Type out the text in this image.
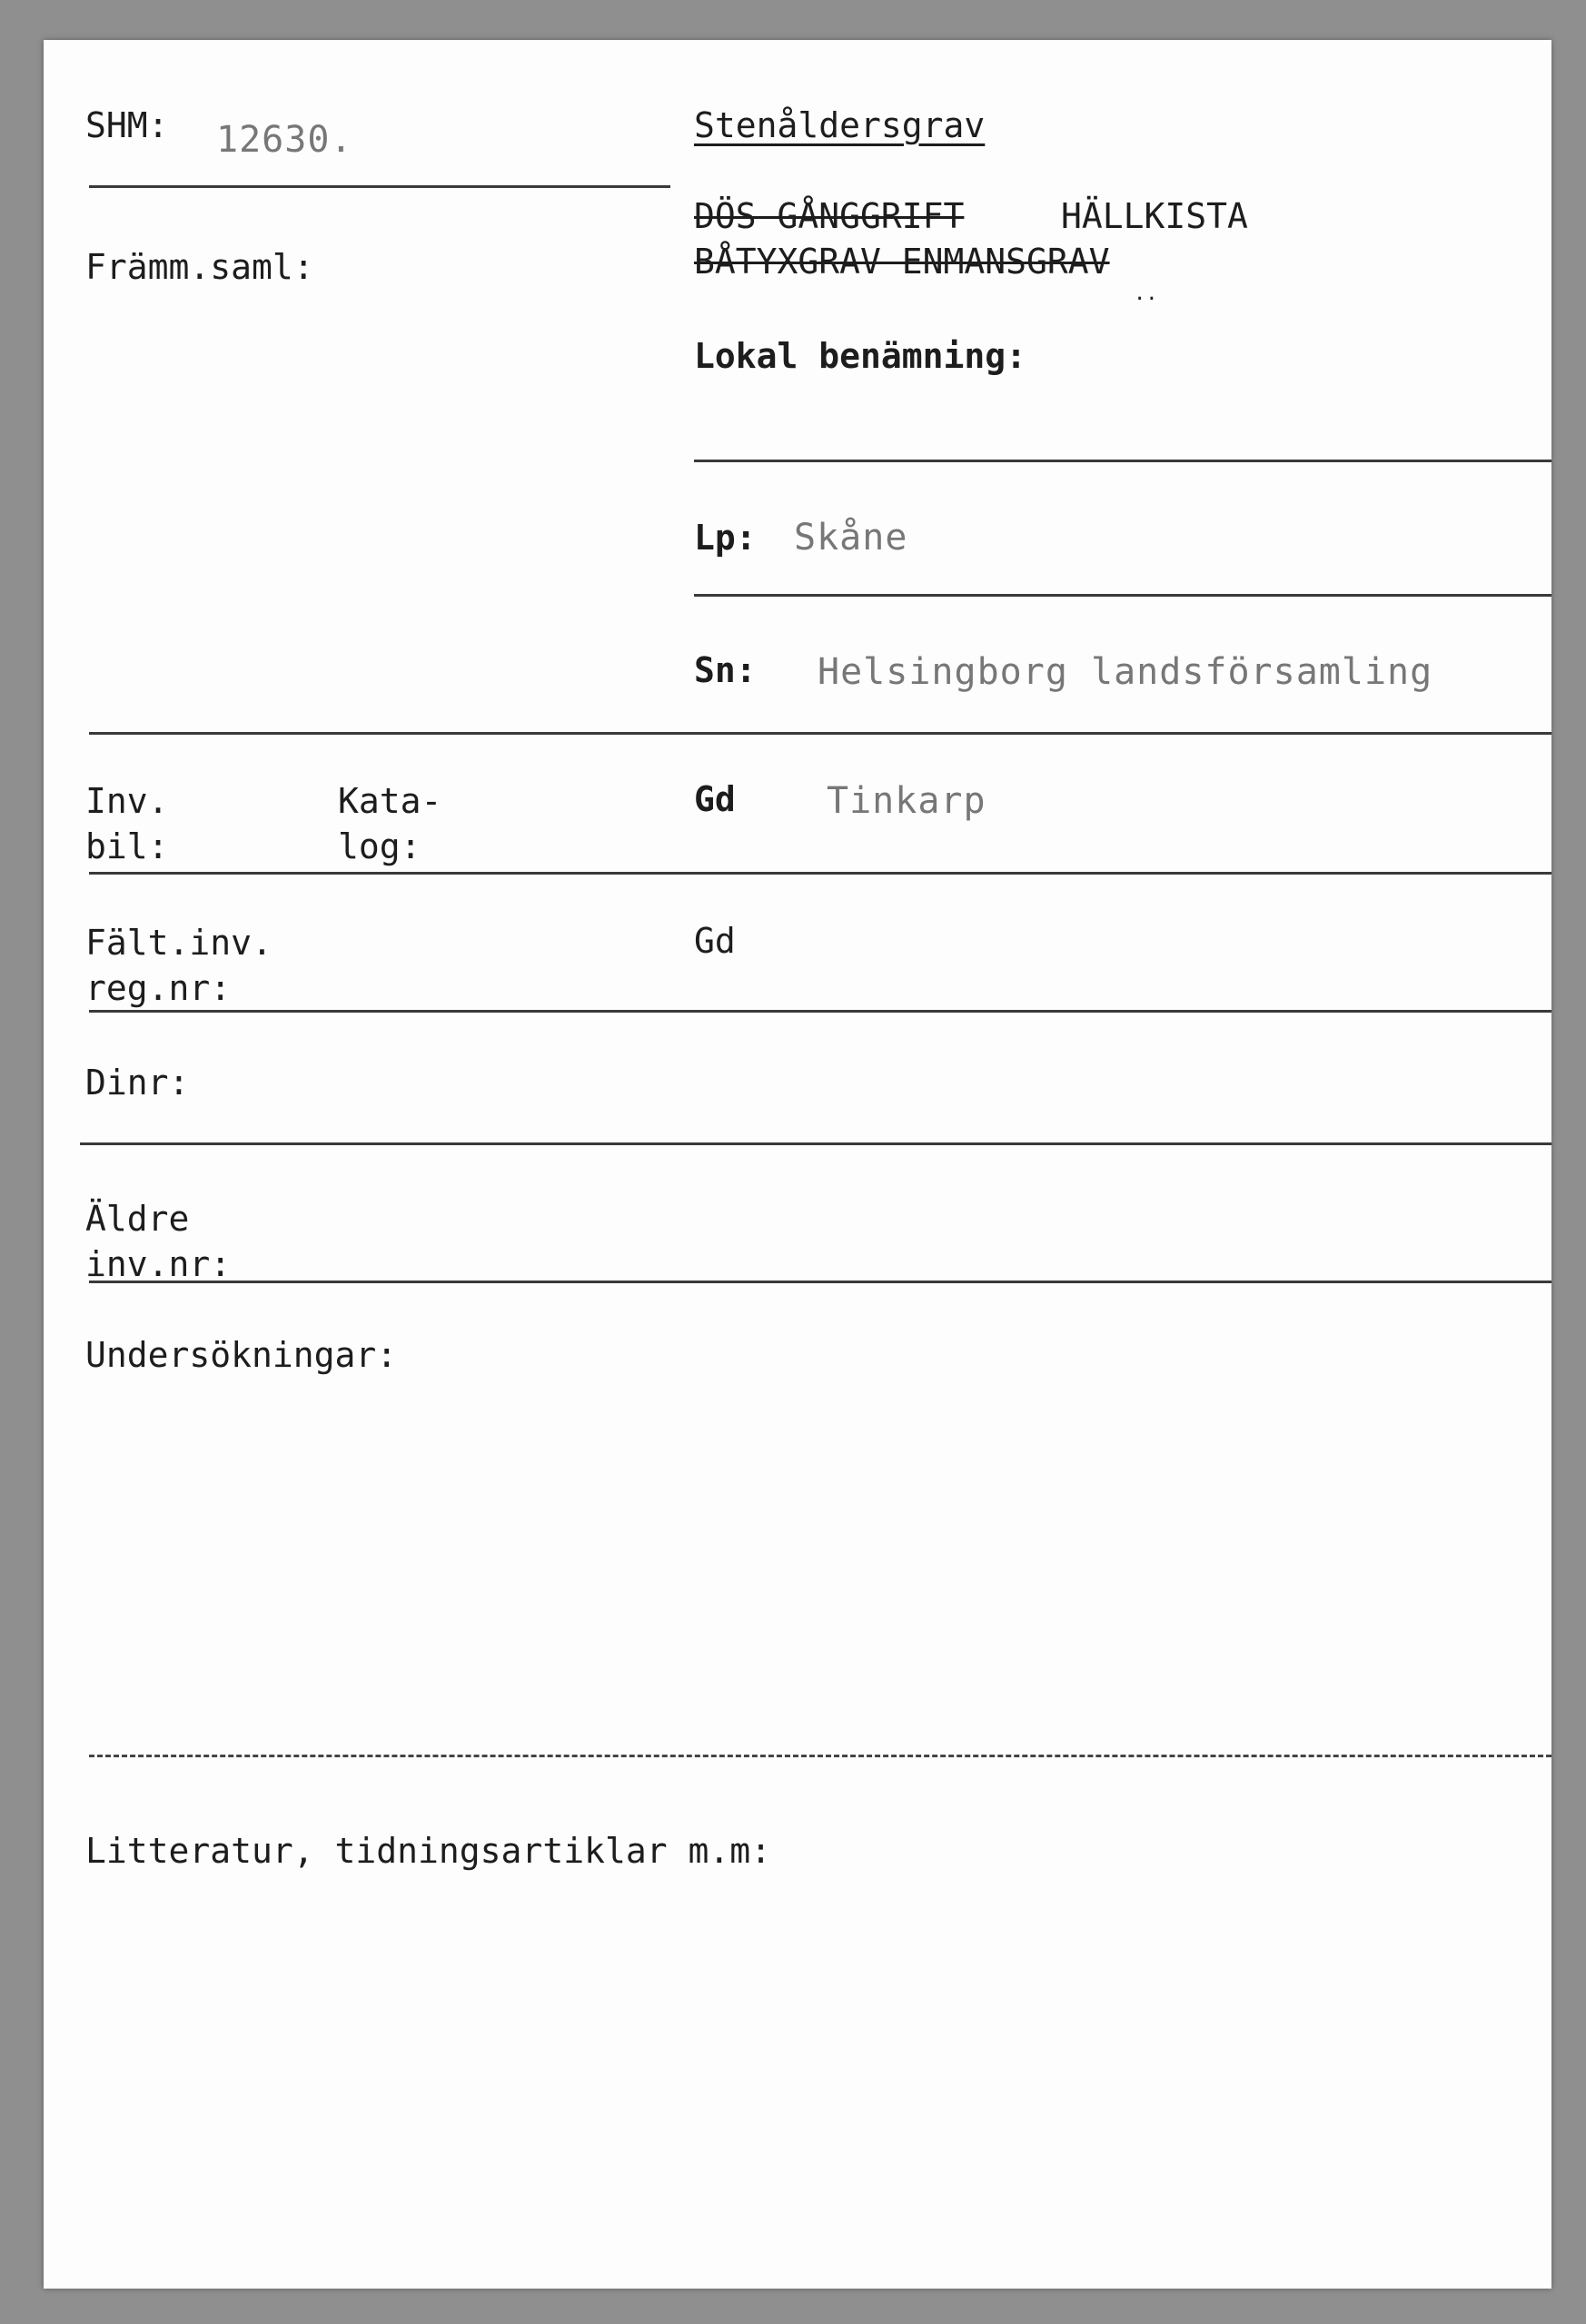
SHM: 12630.
Främm.saml:
Stenåldersgrav
DÖS GÅNGGRIFT	HÄLLKISTA
BÅTYXGRAV ENMANSGRAV
..
Lokal benämning:
Lp: Skåne
Sn: Helsingborg landsförsamling
Inv.
bil:
Kata-
log:
Gd	Tinkarp
Fält.inv.
reg.nr:
Gd
Dinr:
Äldre
inv.nr:
Undersökningar:
Litteratur, tidningsartiklar m.m:
